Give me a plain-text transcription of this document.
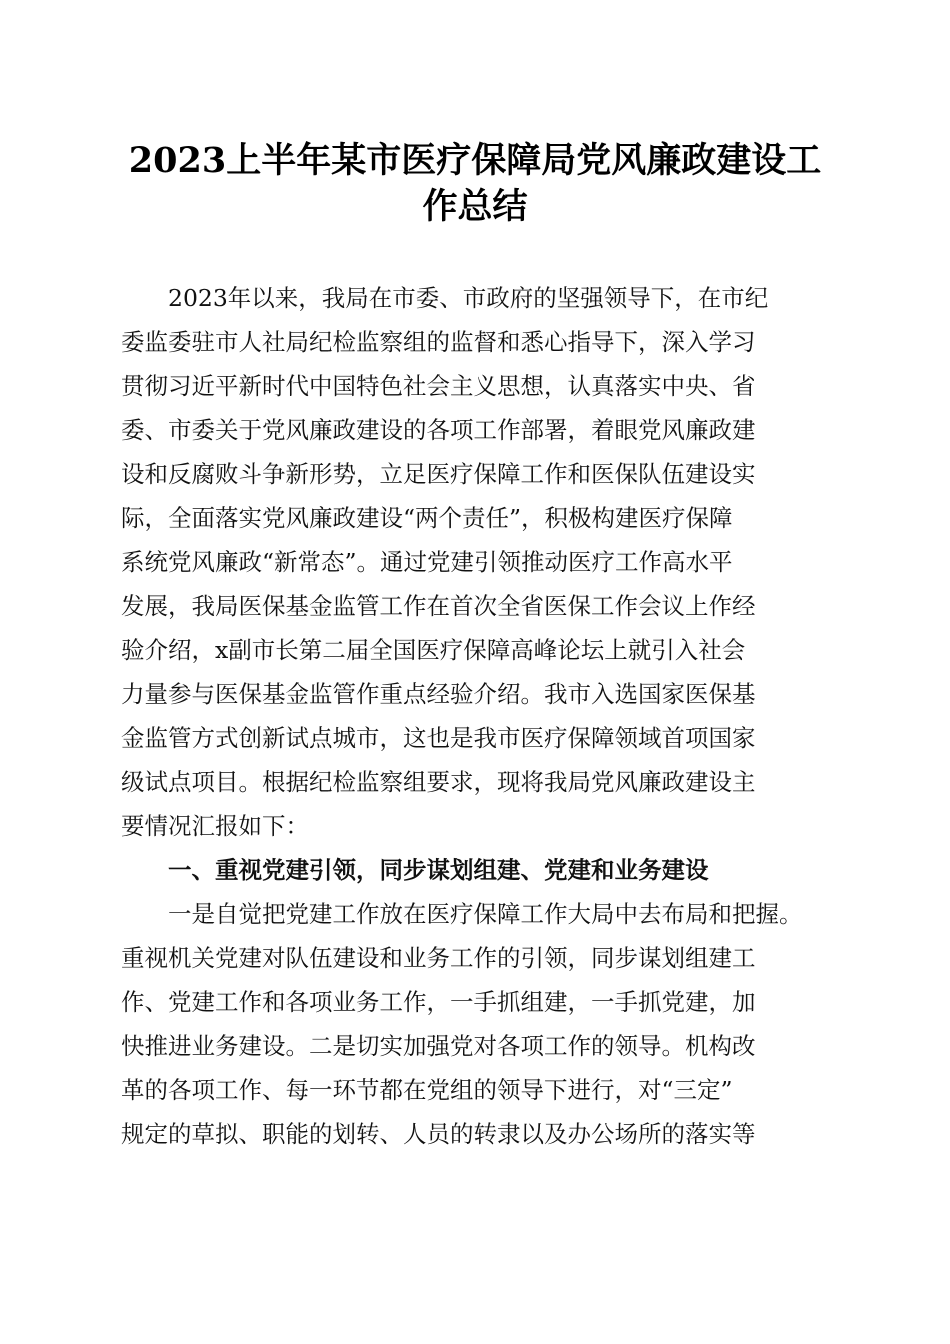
2023上半年某市医疗保障局党风廉政建设工
作总结

　　2023年以来，我局在市委、市政府的坚强领导下，在市纪

委监委驻市人社局纪检监察组的监督和悉心指导下，深入学习

贯彻习近平新时代中国特色社会主义思想，认真落实中央、省

委、市委关于党风廉政建设的各项工作部署，着眼党风廉政建

设和反腐败斗争新形势，立足医疗保障工作和医保队伍建设实

际，全面落实党风廉政建设“两个责任”，积极构建医疗保障

系统党风廉政“新常态”。通过党建引领推动医疗工作高水平

发展，我局医保基金监管工作在首次全省医保工作会议上作经

验介绍，x副市长第二届全国医疗保障高峰论坛上就引入社会

力量参与医保基金监管作重点经验介绍。我市入选国家医保基

金监管方式创新试点城市，这也是我市医疗保障领域首项国家

级试点项目。根据纪检监察组要求，现将我局党风廉政建设主

要情况汇报如下：

　　一、重视党建引领，同步谋划组建、党建和业务建设

　　一是自觉把党建工作放在医疗保障工作大局中去布局和把握。

重视机关党建对队伍建设和业务工作的引领，同步谋划组建工

作、党建工作和各项业务工作，一手抓组建，一手抓党建，加

快推进业务建设。二是切实加强党对各项工作的领导。机构改

革的各项工作、每一环节都在党组的领导下进行，对“三定”

规定的草拟、职能的划转、人员的转隶以及办公场所的落实等
